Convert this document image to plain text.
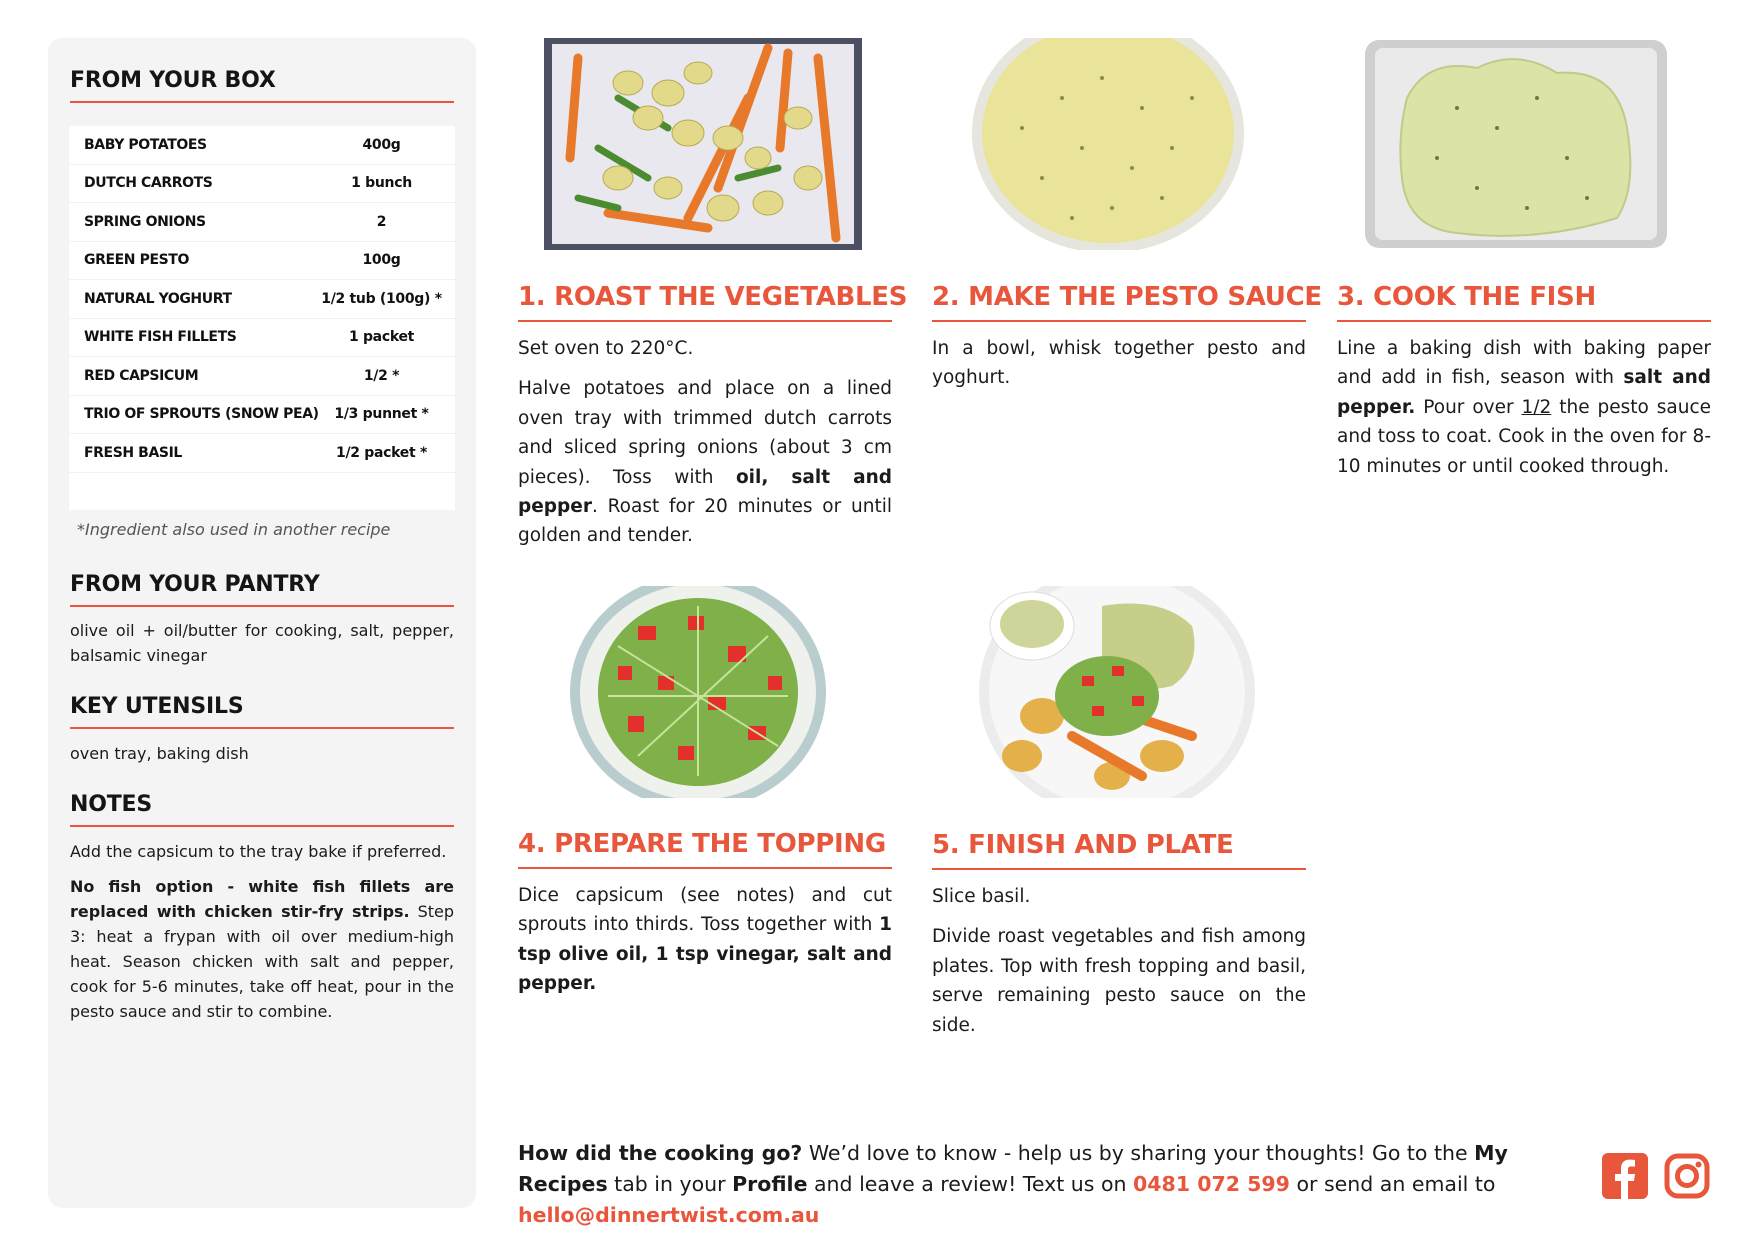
FROM YOUR BOX
BABY POTATOES	400g
DUTCH CARROTS	1 bunch
SPRING ONIONS	2
GREEN PESTO	100g
NATURAL YOGHURT	1/2 tub (100g) *
WHITE FISH FILLETS	1 packet
RED CAPSICUM	1/2 *
TRIO OF SPROUTS (SNOW PEA)	1/3 punnet *
FRESH BASIL	1/2 packet *

*Ingredient also used in another recipe

FROM YOUR PANTRY

olive oil + oil/butter for cooking, salt, pepper, balsamic vinegar

KEY UTENSILS

oven tray, baking dish

NOTES

Add the capsicum to the tray bake if preferred.

No fish option - white fish fillets are replaced with chicken stir-fry strips. Step 3: heat a frypan with oil over medium-high heat. Season chicken with salt and pepper, cook for 5-6 minutes, take off heat, pour in the pesto sauce and stir to combine.

1. ROAST THE VEGETABLES

Set oven to 220°C.

Halve potatoes and place on a lined oven tray with trimmed dutch carrots and sliced spring onions (about 3 cm pieces). Toss with oil, salt and pepper. Roast for 20 minutes or until golden and tender.

2. MAKE THE PESTO SAUCE

In a bowl, whisk together pesto and yoghurt.

3. COOK THE FISH

Line a baking dish with baking paper and add in fish, season with salt and pepper. Pour over 1/2 the pesto sauce and toss to coat. Cook in the oven for 8-10 minutes or until cooked through.

4. PREPARE THE TOPPING

Dice capsicum (see notes) and cut sprouts into thirds. Toss together with 1 tsp olive oil, 1 tsp vinegar, salt and pepper.

5. FINISH AND PLATE

Slice basil.

Divide roast vegetables and fish among plates. Top with fresh topping and basil, serve remaining pesto sauce on the side.

How did the cooking go? We’d love to know - help us by sharing your thoughts! Go to the My Recipes tab in your Profile and leave a review! Text us on 0481 072 599 or send an email to hello@dinnertwist.com.au
